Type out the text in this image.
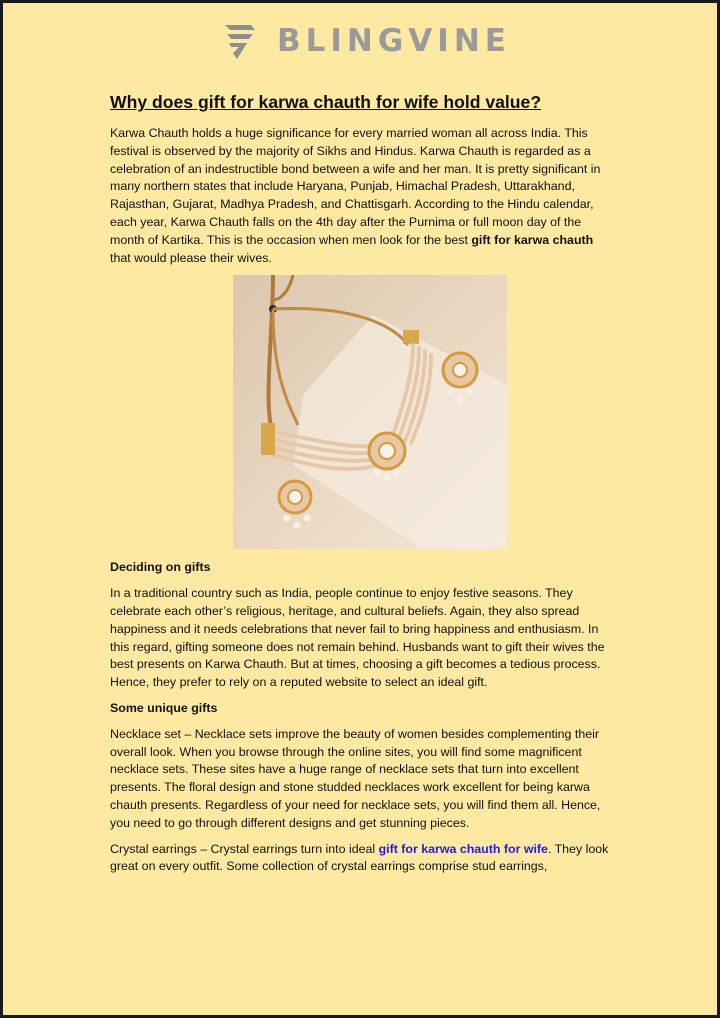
BLINGVINE
Why does gift for karwa chauth for wife hold value?

Karwa Chauth holds a huge significance for every married woman all across India. This festival is observed by the majority of Sikhs and Hindus. Karwa Chauth is regarded as a celebration of an indestructible bond between a wife and her man. It is pretty significant in many northern states that include Haryana, Punjab, Himachal Pradesh, Uttarakhand, Rajasthan, Gujarat, Madhya Pradesh, and Chattisgarh. According to the Hindu calendar, each year, Karwa Chauth falls on the 4th day after the Purnima or full moon day of the month of Kartika. This is the occasion when men look for the best gift for karwa chauth that would please their wives.

Deciding on gifts

In a traditional country such as India, people continue to enjoy festive seasons. They celebrate each other’s religious, heritage, and cultural beliefs. Again, they also spread happiness and it needs celebrations that never fail to bring happiness and enthusiasm. In this regard, gifting someone does not remain behind. Husbands want to gift their wives the best presents on Karwa Chauth. But at times, choosing a gift becomes a tedious process. Hence, they prefer to rely on a reputed website to select an ideal gift.

Some unique gifts

Necklace set – Necklace sets improve the beauty of women besides complementing their overall look. When you browse through the online sites, you will find some magnificent necklace sets. These sites have a huge range of necklace sets that turn into excellent presents. The floral design and stone studded necklaces work excellent for being karwa chauth presents. Regardless of your need for necklace sets, you will find them all. Hence, you need to go through different designs and get stunning pieces.

Crystal earrings – Crystal earrings turn into ideal gift for karwa chauth for wife. They look great on every outfit. Some collection of crystal earrings comprise stud earrings,
